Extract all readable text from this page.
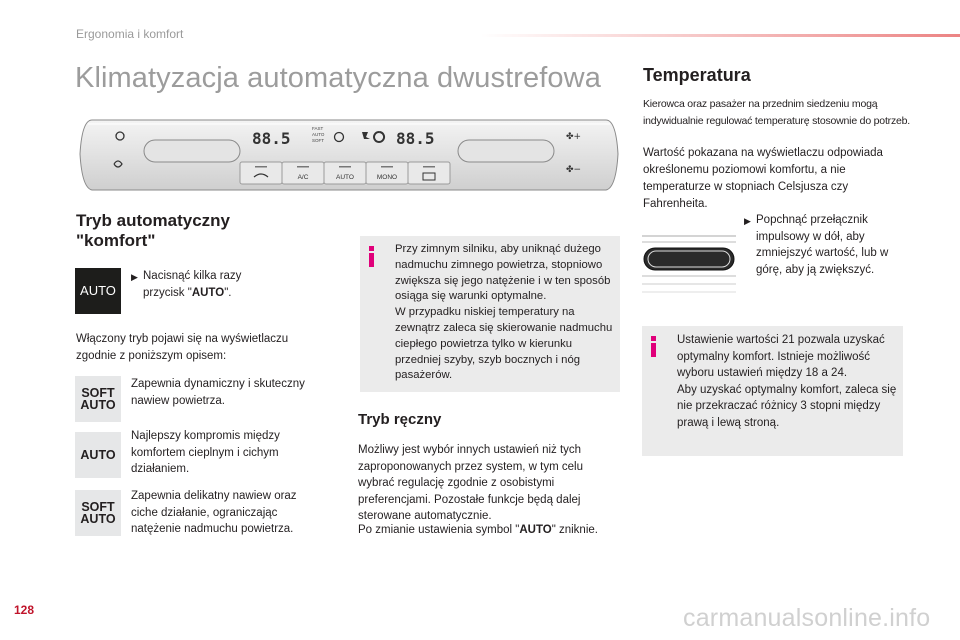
Ergonomia i komfort
Klimatyzacja automatyczna dwustrefowa
88.5	88.5
FAST
AUTO
SOFT	✤+
✤−
A/C	AUTO	MONO
Tryb automatyczny
"komfort"
AUTO
▶ Nacisnąć kilka razy przycisk "AUTO".

Włączony tryb pojawi się na wyświetlaczu zgodnie z poniższym opisem:

SOFT
AUTO

Zapewnia dynamiczny i skuteczny nawiew powietrza.

AUTO

Najlepszy kompromis między komfortem cieplnym i cichym działaniem.

SOFT
AUTO

Zapewnia delikatny nawiew oraz ciche działanie, ograniczając natężenie nadmuchu powietrza.

Przy zimnym silniku, aby uniknąć dużego nadmuchu zimnego powietrza, stopniowo zwiększa się jego natężenie i w ten sposób osiąga się warunki optymalne.
W przypadku niskiej temperatury na zewnątrz zaleca się skierowanie nadmuchu ciepłego powietrza tylko w kierunku przedniej szyby, szyb bocznych i nóg pasażerów.

Tryb ręczny

Możliwy jest wybór innych ustawień niż tych zaproponowanych przez system, w tym celu wybrać regulację zgodnie z osobistymi preferencjami. Pozostałe funkcje będą dalej sterowane automatycznie.

Po zmianie ustawienia symbol "AUTO" zniknie.

Temperatura

Kierowca oraz pasażer na przednim siedzeniu mogą indywidualnie regulować temperaturę stosownie do potrzeb.

Wartość pokazana na wyświetlaczu odpowiada określonemu poziomowi komfortu, a nie temperaturze w stopniach Celsjusza czy Fahrenheita.

▶ Popchnąć przełącznik impulsowy w dół, aby zmniejszyć wartość, lub w górę, aby ją zwiększyć.

Ustawienie wartości 21 pozwala uzyskać optymalny komfort. Istnieje możliwość wyboru ustawień między 18 a 24.
Aby uzyskać optymalny komfort, zaleca się nie przekraczać różnicy 3 stopni między prawą i lewą stroną.

128	carmanualsonline.info
